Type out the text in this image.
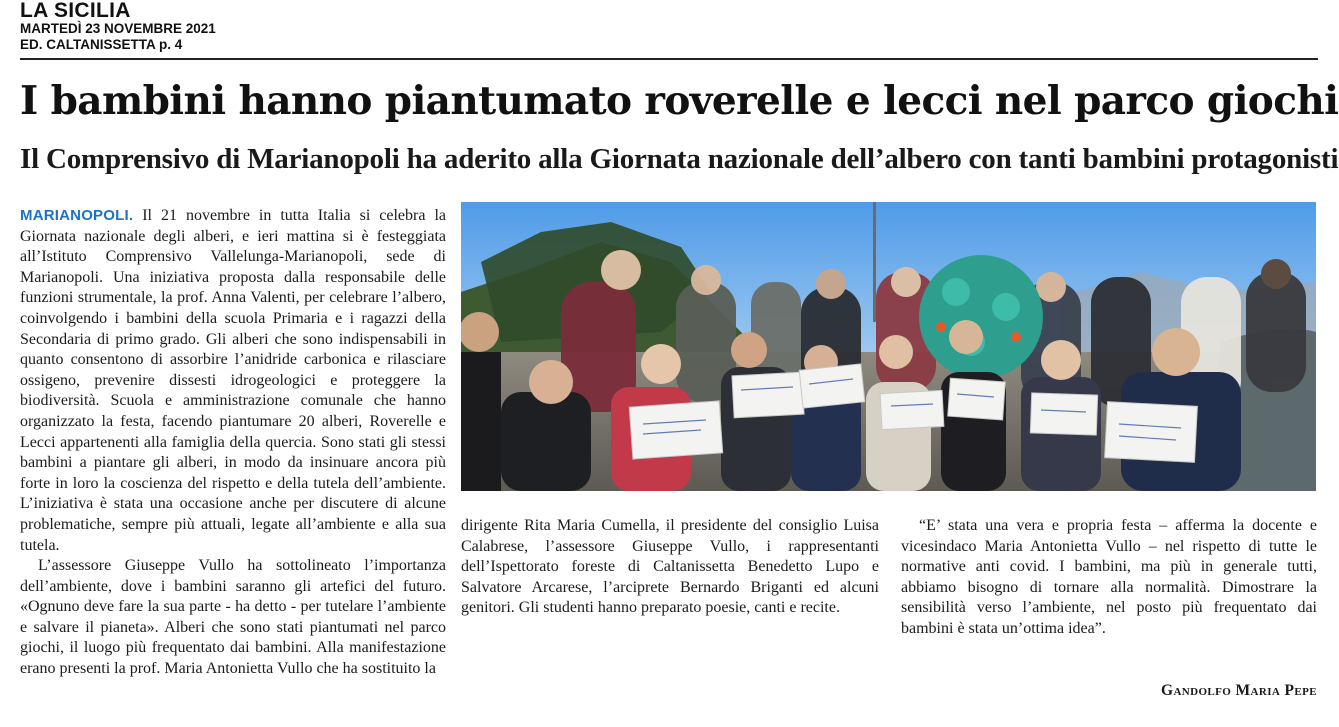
LA SICILIA
MARTEDÌ 23 NOVEMBRE 2021
ED. CALTANISSETTA p. 4
I bambini hanno piantumato roverelle e lecci nel parco giochi
Il Comprensivo di Marianopoli ha aderito alla Giornata nazionale dell’albero con tanti bambini protagonisti

MARIANOPOLI. Il 21 novembre in tutta Italia si celebra la Giornata nazionale degli alberi, e ieri mattina si è festeggiata all’Istituto Comprensivo Vallelunga-Marianopoli, sede di Marianopoli. Una iniziativa proposta dalla responsabile delle funzioni strumentale, la prof. Anna Valenti, per celebrare l’albero, coinvolgendo i bambini della scuola Primaria e i ragazzi della Secondaria di primo grado. Gli alberi che sono indispensabili in quanto consentono di assorbire l’anidride carbonica e rilasciare ossigeno, prevenire dissesti idrogeologici e proteggere la biodiversità. Scuola e amministrazione comunale che hanno organizzato la festa, facendo piantumare 20 alberi, Roverelle e Lecci appartenenti alla famiglia della quercia. Sono stati gli stessi bambini a piantare gli alberi, in modo da insinuare ancora più forte in loro la coscienza del rispetto e della tutela dell’ambiente. L’iniziativa è stata una occasione anche per discutere di alcune problematiche, sempre più attuali, legate all’ambiente e alla sua tutela.

L’assessore Giuseppe Vullo ha sottolineato l’importanza dell’ambiente, dove i bambini saranno gli artefici del futuro. «Ognuno deve fare la sua parte - ha detto - per tutelare l’ambiente e salvare il pianeta». Alberi che sono stati piantumati nel parco giochi, il luogo più frequentato dai bambini. Alla manifestazione erano presenti la prof. Maria Antonietta Vullo che ha sostituito la

“E’ stata una vera e propria festa – afferma la docente e vicesindaco Maria Antonietta Vullo – nel rispetto di tutte le normative anti covid. I bambini, ma più in generale tutti, abbiamo bisogno di tornare alla normalità. Dimostrare la sensibilità verso l’ambiente, nel posto più frequentato dai bambini è stata un’ottima idea”.

Gandolfo Maria Pepe

dirigente Rita Maria Cumella, il presidente del consiglio Luisa Calabrese, l’assessore Giuseppe Vullo, i rappresentanti dell’Ispettorato foreste di Caltanissetta Benedetto Lupo e Salvatore Arcarese, l’arciprete Bernardo Briganti ed alcuni genitori. Gli studenti hanno preparato poesie, canti e recite.
